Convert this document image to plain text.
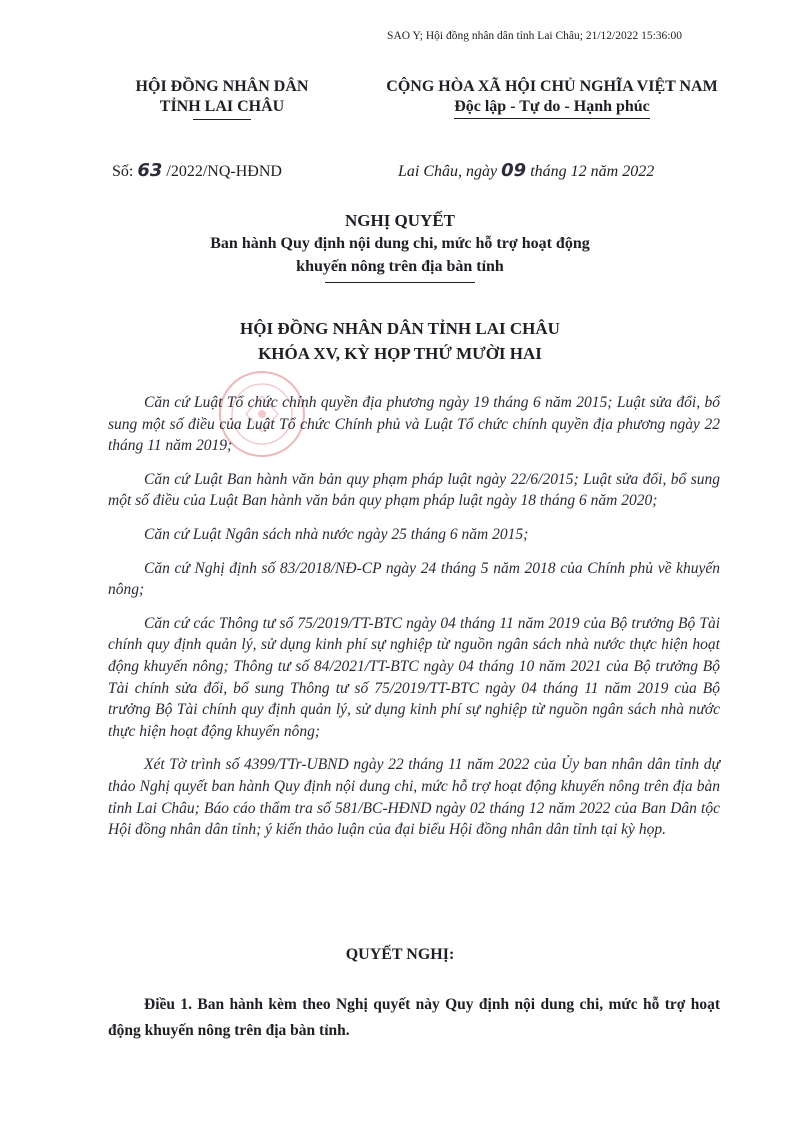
SAO Y; Hội đồng nhân dân tỉnh Lai Châu; 21/12/2022 15:36:00
HỘI ĐỒNG NHÂN DÂN
TỈNH LAI CHÂU
CỘNG HÒA XÃ HỘI CHỦ NGHĨA VIỆT NAM
Độc lập - Tự do - Hạnh phúc
Số: 63 /2022/NQ-HĐND	Lai Châu, ngày 09 tháng 12 năm 2022
NGHỊ QUYẾT
Ban hành Quy định nội dung chi, mức hỗ trợ hoạt động
khuyến nông trên địa bàn tỉnh
HỘI ĐỒNG NHÂN DÂN TỈNH LAI CHÂU
KHÓA XV, KỲ HỌP THỨ MƯỜI HAI

Căn cứ Luật Tổ chức chính quyền địa phương ngày 19 tháng 6 năm 2015; Luật sửa đổi, bổ sung một số điều của Luật Tổ chức Chính phủ và Luật Tổ chức chính quyền địa phương ngày 22 tháng 11 năm 2019;

Căn cứ Luật Ban hành văn bản quy phạm pháp luật ngày 22/6/2015; Luật sửa đổi, bổ sung một số điều của Luật Ban hành văn bản quy phạm pháp luật ngày 18 tháng 6 năm 2020;

Căn cứ Luật Ngân sách nhà nước ngày 25 tháng 6 năm 2015;

Căn cứ Nghị định số 83/2018/NĐ-CP ngày 24 tháng 5 năm 2018 của Chính phủ về khuyến nông;

Căn cứ các Thông tư số 75/2019/TT-BTC ngày 04 tháng 11 năm 2019 của Bộ trưởng Bộ Tài chính quy định quản lý, sử dụng kinh phí sự nghiệp từ nguồn ngân sách nhà nước thực hiện hoạt động khuyến nông; Thông tư số 84/2021/TT-BTC ngày 04 tháng 10 năm 2021 của Bộ trưởng Bộ Tài chính sửa đổi, bổ sung Thông tư số 75/2019/TT-BTC ngày 04 tháng 11 năm 2019 của Bộ trưởng Bộ Tài chính quy định quản lý, sử dụng kinh phí sự nghiệp từ nguồn ngân sách nhà nước thực hiện hoạt động khuyến nông;

Xét Tờ trình số 4399/TTr-UBND ngày 22 tháng 11 năm 2022 của Ủy ban nhân dân tỉnh dự thảo Nghị quyết ban hành Quy định nội dung chi, mức hỗ trợ hoạt động khuyến nông trên địa bàn tỉnh Lai Châu; Báo cáo thẩm tra số 581/BC-HĐND ngày 02 tháng 12 năm 2022 của Ban Dân tộc Hội đồng nhân dân tỉnh; ý kiến thảo luận của đại biểu Hội đồng nhân dân tỉnh tại kỳ họp.

QUYẾT NGHỊ:

Điều 1. Ban hành kèm theo Nghị quyết này Quy định nội dung chi, mức hỗ trợ hoạt động khuyến nông trên địa bàn tỉnh.
